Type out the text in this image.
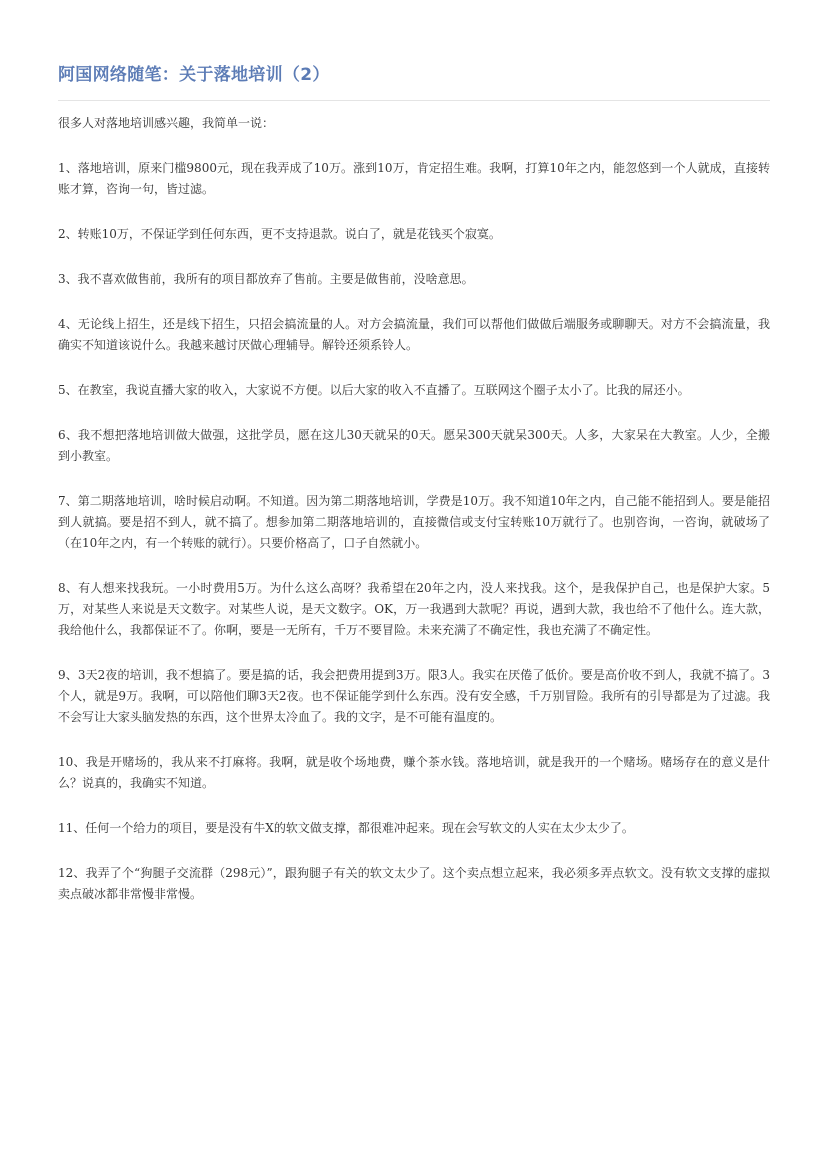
阿国网络随笔：关于落地培训（2）

很多人对落地培训感兴趣，我简单一说：

1、落地培训，原来门槛9800元，现在我弄成了10万。涨到10万，肯定招生难。我啊，打算10年之内，能忽悠到一个人就成，直接转账才算，咨询一句，皆过滤。

2、转账10万，不保证学到任何东西，更不支持退款。说白了，就是花钱买个寂寞。

3、我不喜欢做售前，我所有的项目都放弃了售前。主要是做售前，没啥意思。

4、无论线上招生，还是线下招生，只招会搞流量的人。对方会搞流量，我们可以帮他们做做后端服务或聊聊天。对方不会搞流量，我确实不知道该说什么。我越来越讨厌做心理辅导。解铃还须系铃人。

5、在教室，我说直播大家的收入，大家说不方便。以后大家的收入不直播了。互联网这个圈子太小了。比我的屌还小。

6、我不想把落地培训做大做强，这批学员，愿在这儿30天就呆的0天。愿呆300天就呆300天。人多，大家呆在大教室。人少，全搬到小教室。

7、第二期落地培训，啥时候启动啊。不知道。因为第二期落地培训，学费是10万。我不知道10年之内，自己能不能招到人。要是能招到人就搞。要是招不到人，就不搞了。想参加第二期落地培训的，直接微信或支付宝转账10万就行了。也别咨询，一咨询，就破场了（在10年之内，有一个转账的就行）。只要价格高了，口子自然就小。

8、有人想来找我玩。一小时费用5万。为什么这么高呀？我希望在20年之内，没人来找我。这个，是我保护自己，也是保护大家。5万，对某些人来说是天文数字。对某些人说，是天文数字。OK，万一我遇到大款呢？再说，遇到大款，我也给不了他什么。连大款，我给他什么，我都保证不了。你啊，要是一无所有，千万不要冒险。未来充满了不确定性，我也充满了不确定性。

9、3天2夜的培训，我不想搞了。要是搞的话，我会把费用提到3万。限3人。我实在厌倦了低价。要是高价收不到人，我就不搞了。3个人，就是9万。我啊，可以陪他们聊3天2夜。也不保证能学到什么东西。没有安全感，千万别冒险。我所有的引导都是为了过滤。我不会写让大家头脑发热的东西，这个世界太冷血了。我的文字，是不可能有温度的。

10、我是开赌场的，我从来不打麻将。我啊，就是收个场地费，赚个茶水钱。落地培训，就是我开的一个赌场。赌场存在的意义是什么？说真的，我确实不知道。

11、任何一个给力的项目，要是没有牛X的软文做支撑，都很难冲起来。现在会写软文的人实在太少太少了。

12、我弄了个“狗腿子交流群（298元）”，跟狗腿子有关的软文太少了。这个卖点想立起来，我必须多弄点软文。没有软文支撑的虚拟卖点破冰都非常慢非常慢。
